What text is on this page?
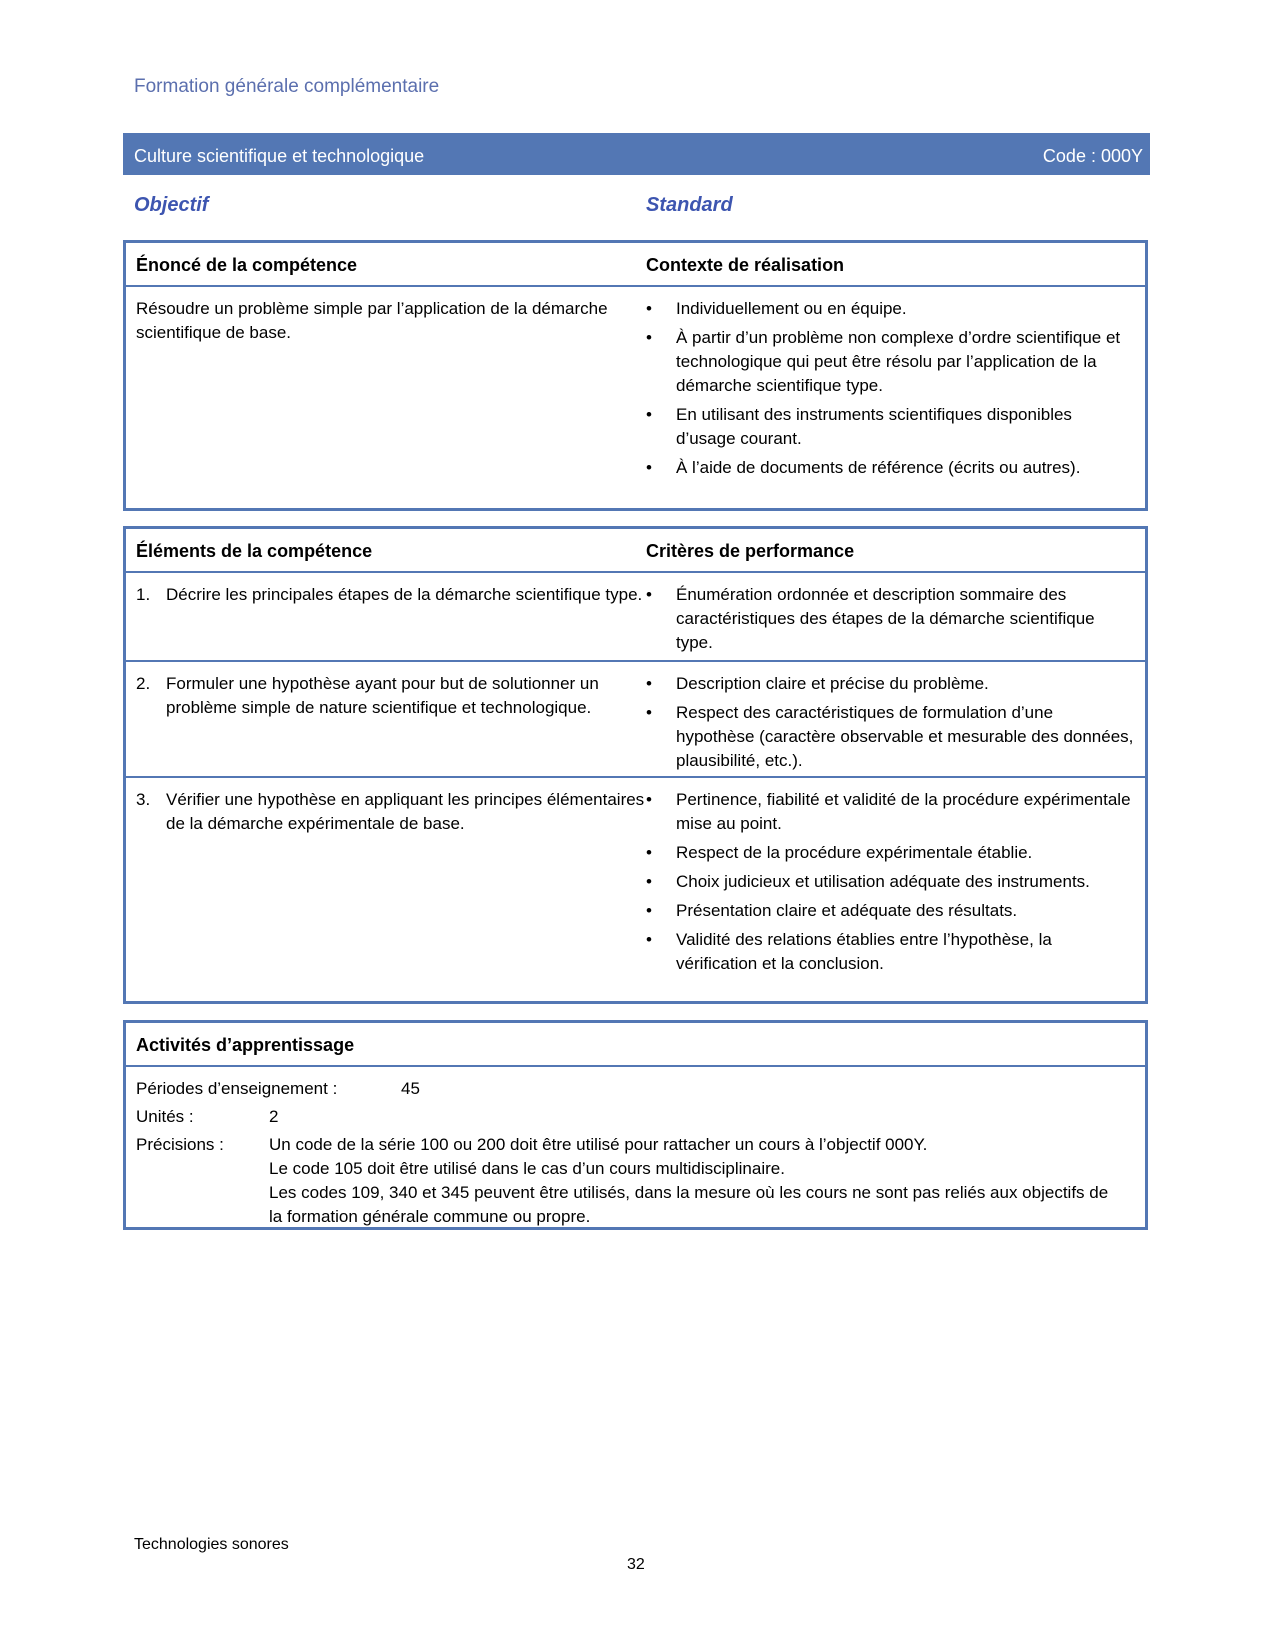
Formation générale complémentaire
Culture scientifique et technologique	Code : 000Y
Objectif	Standard
Énoncé de la compétence	Contexte de réalisation
Résoudre un problème simple par l’application de la démarche scientifique de base.
• Individuellement ou en équipe.
• À partir d’un problème non complexe d’ordre scientifique et technologique qui peut être résolu par l’application de la démarche scientifique type.
• En utilisant des instruments scientifiques disponibles d’usage courant.
• À l’aide de documents de référence (écrits ou autres).
Éléments de la compétence	Critères de performance
1. Décrire les principales étapes de la démarche scientifique type.
•	Énumération ordonnée et description sommaire des caractéristiques des étapes de la démarche scientifique type.
2. Formuler une hypothèse ayant pour but de solutionner un problème simple de nature scientifique et technologique.
• Description claire et précise du problème.
• Respect des caractéristiques de formulation d’une hypothèse (caractère observable et mesurable des données, plausibilité, etc.).
3. Vérifier une hypothèse en appliquant les principes élémentaires de la démarche expérimentale de base.
• Pertinence, fiabilité et validité de la procédure expérimentale mise au point.
• Respect de la procédure expérimentale établie.
• Choix judicieux et utilisation adéquate des instruments.
• Présentation claire et adéquate des résultats.
• Validité des relations établies entre l’hypothèse, la vérification et la conclusion.
Activités d’apprentissage
Périodes d’enseignement :	45
Unités :	2
Précisions :	Un code de la série 100 ou 200 doit être utilisé pour rattacher un cours à l’objectif 000Y.
Le code 105 doit être utilisé dans le cas d’un cours multidisciplinaire.
Les codes 109, 340 et 345 peuvent être utilisés, dans la mesure où les cours ne sont pas reliés aux objectifs de la formation générale commune ou propre.
Technologies sonores
32
